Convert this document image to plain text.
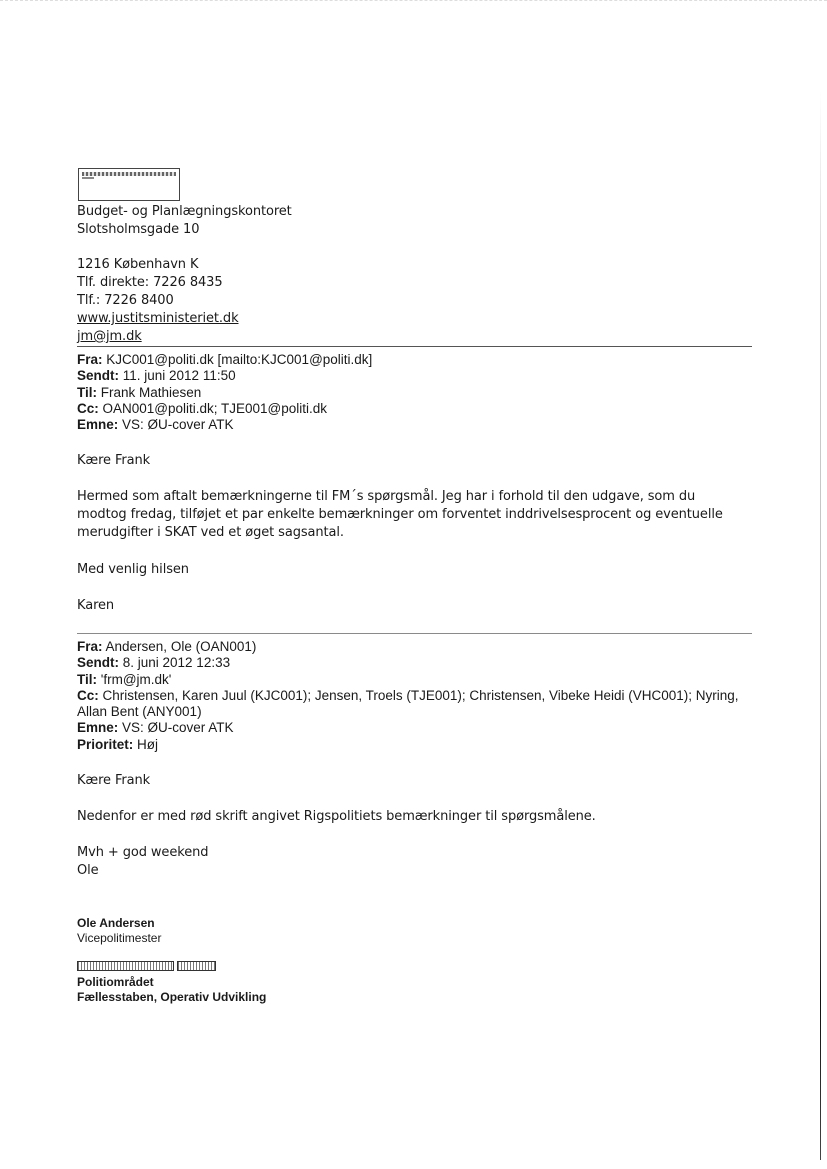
Budget- og Planlægningskontoret
Slotsholmsgade 10
1216 København K
Tlf. direkte: 7226 8435
Tlf.: 7226 8400
www.justitsministeriet.dk
jm@jm.dk
Fra: KJC001@politi.dk [mailto:KJC001@politi.dk]
Sendt: 11. juni 2012 11:50
Til: Frank Mathiesen
Cc: OAN001@politi.dk; TJE001@politi.dk
Emne: VS: ØU-cover ATK
Kære Frank
Hermed som aftalt bemærkningerne til FM´s spørgsmål. Jeg har i forhold til den udgave, som du modtog fredag, tilføjet et par enkelte bemærkninger om forventet inddrivelsesprocent og eventuelle merudgifter i SKAT ved et øget sagsantal.
Med venlig hilsen
Karen
Fra: Andersen, Ole (OAN001)
Sendt: 8. juni 2012 12:33
Til: 'frm@jm.dk'
Cc: Christensen, Karen Juul (KJC001); Jensen, Troels (TJE001); Christensen, Vibeke Heidi (VHC001); Nyring, Allan Bent (ANY001)
Emne: VS: ØU-cover ATK
Prioritet: Høj
Kære Frank
Nedenfor er med rød skrift angivet Rigspolitiets bemærkninger til spørgsmålene.
Mvh + god weekend
Ole
Ole Andersen
Vicepolitimester
Politiområdet
Fællesstaben, Operativ Udvikling
